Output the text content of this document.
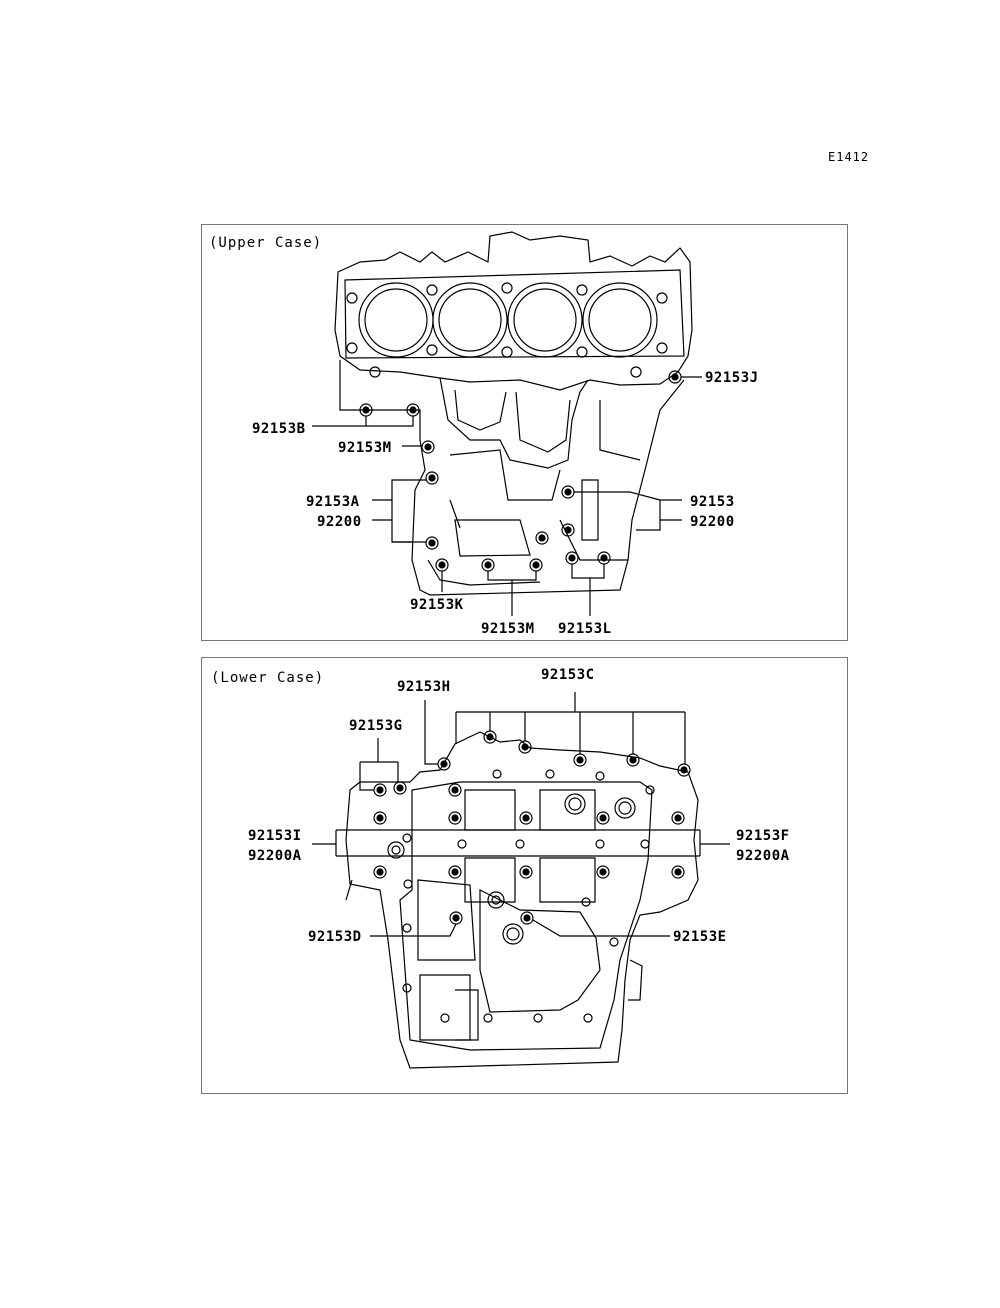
E1412
(Upper Case)
(Lower Case)
92153J
92153B
92153M
92153A
92200
92153
92200
92153K
92153M 92153L
92153H
92153C
92153G
92153I
92200A
92153F
92200A
92153D	92153E
